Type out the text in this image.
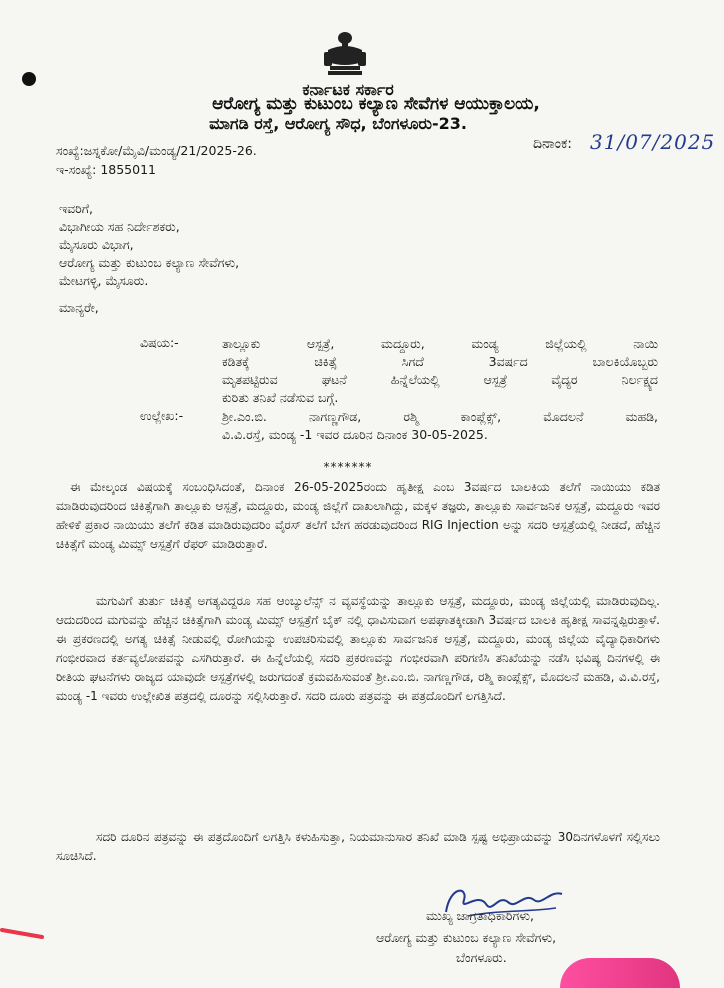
ಕರ್ನಾಟಕ ಸರ್ಕಾರ
ಆರೋಗ್ಯ ಮತ್ತು ಕುಟುಂಬ ಕಲ್ಯಾಣ ಸೇವೆಗಳ ಆಯುಕ್ತಾಲಯ,
ಮಾಗಡಿ ರಸ್ತೆ, ಆರೋಗ್ಯ ಸೌಧ, ಬೆಂಗಳೂರು-23.
ಸಂಖ್ಯೆ:ಜಸ್ನಕೋ/ಮೈವಿ/ಮಂಡ್ಯ/21/2025-26.
ಇ-ಸಂಖ್ಯೆ: 1855011
ದಿನಾಂಕ: 31/07/2025
ಇವರಿಗೆ,
ವಿಭಾಗೀಯ ಸಹ ನಿರ್ದೇಶಕರು,
ಮೈಸೂರು ವಿಭಾಗ,
ಆರೋಗ್ಯ ಮತ್ತು ಕುಟುಂಬ ಕಲ್ಯಾಣ ಸೇವೆಗಳು,
ಮೇಟಗಳ್ಳಿ, ಮೈಸೂರು.
ಮಾನ್ಯರೇ,
ವಿಷಯ:-	ತಾಲ್ಲೂಕು ಆಸ್ಪತ್ರೆ, ಮದ್ದೂರು, ಮಂಡ್ಯ ಜಿಲ್ಲೆಯಲ್ಲಿ ನಾಯಿ
ಕಡಿತಕ್ಕೆ ಚಿಕಿತ್ಸೆ ಸಿಗದೆ 3ವರ್ಷದ ಬಾಲಕಿಯೊಬ್ಬರು
ಮೃತಪಟ್ಟಿರುವ ಘಟನೆ ಹಿನ್ನೆಲೆಯಲ್ಲಿ ಆಸ್ಪತ್ರೆ ವೈದ್ಯರ ನಿರ್ಲಕ್ಷ್ಯದ
ಕುರಿತು ತನಿಖೆ ನಡೆಸುವ ಬಗ್ಗೆ.
ಉಲ್ಲೇಖ:-	ಶ್ರೀ.ಎಂ.ಬಿ. ನಾಗಣ್ಣಗೌಡ, ರಶ್ಮಿ ಕಾಂಪ್ಲೆಕ್ಸ್, ಮೊದಲನೆ ಮಹಡಿ,
ವಿ.ವಿ.ರಸ್ತೆ, ಮಂಡ್ಯ -1 ಇವರ ದೂರಿನ ದಿನಾಂಕ 30-05-2025.
*******
ಈ ಮೇಲ್ಕಂಡ ವಿಷಯಕ್ಕೆ ಸಂಬಂಧಿಸಿದಂತೆ, ದಿನಾಂಕ 26-05-2025ರಂದು ಹೃತೀಕ್ಷ ಎಂಬ 3ವರ್ಷದ ಬಾಲಕಿಯ ತಲೆಗೆ ನಾಯಿಯು ಕಡಿತ ಮಾಡಿರುವುದರಿಂದ ಚಿಕಿತ್ಸೆಗಾಗಿ ತಾಲ್ಲೂಕು ಆಸ್ಪತ್ರೆ, ಮದ್ದೂರು, ಮಂಡ್ಯ ಜಿಲ್ಲೆಗೆ ದಾಖಲಾಗಿದ್ದು, ಮಕ್ಕಳ ತಜ್ಞರು, ತಾಲ್ಲೂಕು ಸಾರ್ವಜನಿಕ ಆಸ್ಪತ್ರೆ, ಮದ್ದೂರು ಇವರ ಹೇಳಿಕೆ ಪ್ರಕಾರ ನಾಯಿಯು ತಲೆಗೆ ಕಡಿತ ಮಾಡಿರುವುದರಿಂ ವೈರಸ್ ತಲೆಗೆ ಬೇಗ ಹರಡುವುದರಿಂದ RIG Injection ಅನ್ನು ಸದರಿ ಆಸ್ಪತ್ರೆಯಲ್ಲಿ ನೀಡದೆ, ಹೆಚ್ಚಿನ ಚಿಕಿತ್ಸೆಗೆ ಮಂಡ್ಯ ಮಿಮ್ಸ್ ಆಸ್ಪತ್ರೆಗೆ ರೆಫರ್ ಮಾಡಿರುತ್ತಾರೆ.
ಮಗುವಿಗೆ ತುರ್ತು ಚಿಕಿತ್ಸೆ ಅಗತ್ಯವಿದ್ದರೂ ಸಹ ಆಂಬ್ಯುಲೆನ್ಸ್ ನ ವ್ಯವಸ್ಥೆಯನ್ನು ತಾಲ್ಲೂಕು ಆಸ್ಪತ್ರೆ, ಮದ್ದೂರು, ಮಂಡ್ಯ ಜಿಲ್ಲೆಯಲ್ಲಿ ಮಾಡಿರುವುದಿಲ್ಲ. ಆದುದರಿಂದ ಮಗುವನ್ನು ಹೆಚ್ಚಿನ ಚಿಕಿತ್ಸೆಗಾಗಿ ಮಂಡ್ಯ ಮಿಮ್ಸ್ ಆಸ್ಪತ್ರೆಗೆ ಬೈಕ್ ನಲ್ಲಿ ಧಾವಿಸುವಾಗ ಅಪಘಾತಕ್ಕೀಡಾಗಿ 3ವರ್ಷದ ಬಾಲಕಿ ಹೃತೀಕ್ಷ ಸಾವನ್ನಪ್ಪಿರುತ್ತಾಳೆ. ಈ ಪ್ರಕರಣದಲ್ಲಿ ಅಗತ್ಯ ಚಿಕಿತ್ಸೆ ನೀಡುವಲ್ಲಿ ರೋಗಿಯನ್ನು ಉಪಚರಿಸುವಲ್ಲಿ ತಾಲ್ಲೂಕು ಸಾರ್ವಜನಿಕ ಆಸ್ಪತ್ರೆ, ಮದ್ದೂರು, ಮಂಡ್ಯ ಜಿಲ್ಲೆಯ ವೈದ್ಯಾಧಿಕಾರಿಗಳು ಗಂಭೀರವಾದ ಕರ್ತವ್ಯಲೋಪವನ್ನು ಎಸಗಿರುತ್ತಾರೆ. ಈ ಹಿನ್ನೆಲೆಯಲ್ಲಿ ಸದರಿ ಪ್ರಕರಣವನ್ನು ಗಂಭೀರವಾಗಿ ಪರಿಗಣಿಸಿ ತನಿಖೆಯನ್ನು ನಡೆಸಿ ಭವಿಷ್ಯ ದಿನಗಳಲ್ಲಿ ಈ ರೀತಿಯ ಘಟನೆಗಳು ರಾಜ್ಯದ ಯಾವುದೇ ಆಸ್ಪತ್ರೆಗಳಲ್ಲಿ ಜರುಗದಂತೆ ಕ್ರಮವಹಿಸುವಂತೆ ಶ್ರೀ.ಎಂ.ಬಿ. ನಾಗಣ್ಣಗೌಡ, ರಶ್ಮಿ ಕಾಂಪ್ಲೆಕ್ಸ್, ಮೊದಲನೆ ಮಹಡಿ, ವಿ.ವಿ.ರಸ್ತೆ, ಮಂಡ್ಯ -1 ಇವರು ಉಲ್ಲೇಖಿತ ಪತ್ರದಲ್ಲಿ ದೂರನ್ನು ಸಲ್ಲಿಸಿರುತ್ತಾರೆ. ಸದರಿ ದೂರು ಪತ್ರವನ್ನು ಈ ಪತ್ರದೊಂದಿಗೆ ಲಗತ್ತಿಸಿದೆ.
ಸದರಿ ದೂರಿನ ಪತ್ರವನ್ನು ಈ ಪತ್ರದೊಂದಿಗೆ ಲಗತ್ತಿಸಿ ಕಳುಹಿಸುತ್ತಾ, ನಿಯಮಾನುಸಾರ ತನಿಖೆ ಮಾಡಿ ಸ್ಪಷ್ಟ ಅಭಿಪ್ರಾಯವನ್ನು 30ದಿನಗಳೊಳಗೆ ಸಲ್ಲಿಸಲು ಸೂಚಿಸಿದೆ.
ಮುಖ್ಯ ಜಾಗ್ರತಾಧಿಕಾರಿಗಳು,
ಆರೋಗ್ಯ ಮತ್ತು ಕುಟುಂಬ ಕಲ್ಯಾಣ ಸೇವೆಗಳು,
ಬೆಂಗಳೂರು.
